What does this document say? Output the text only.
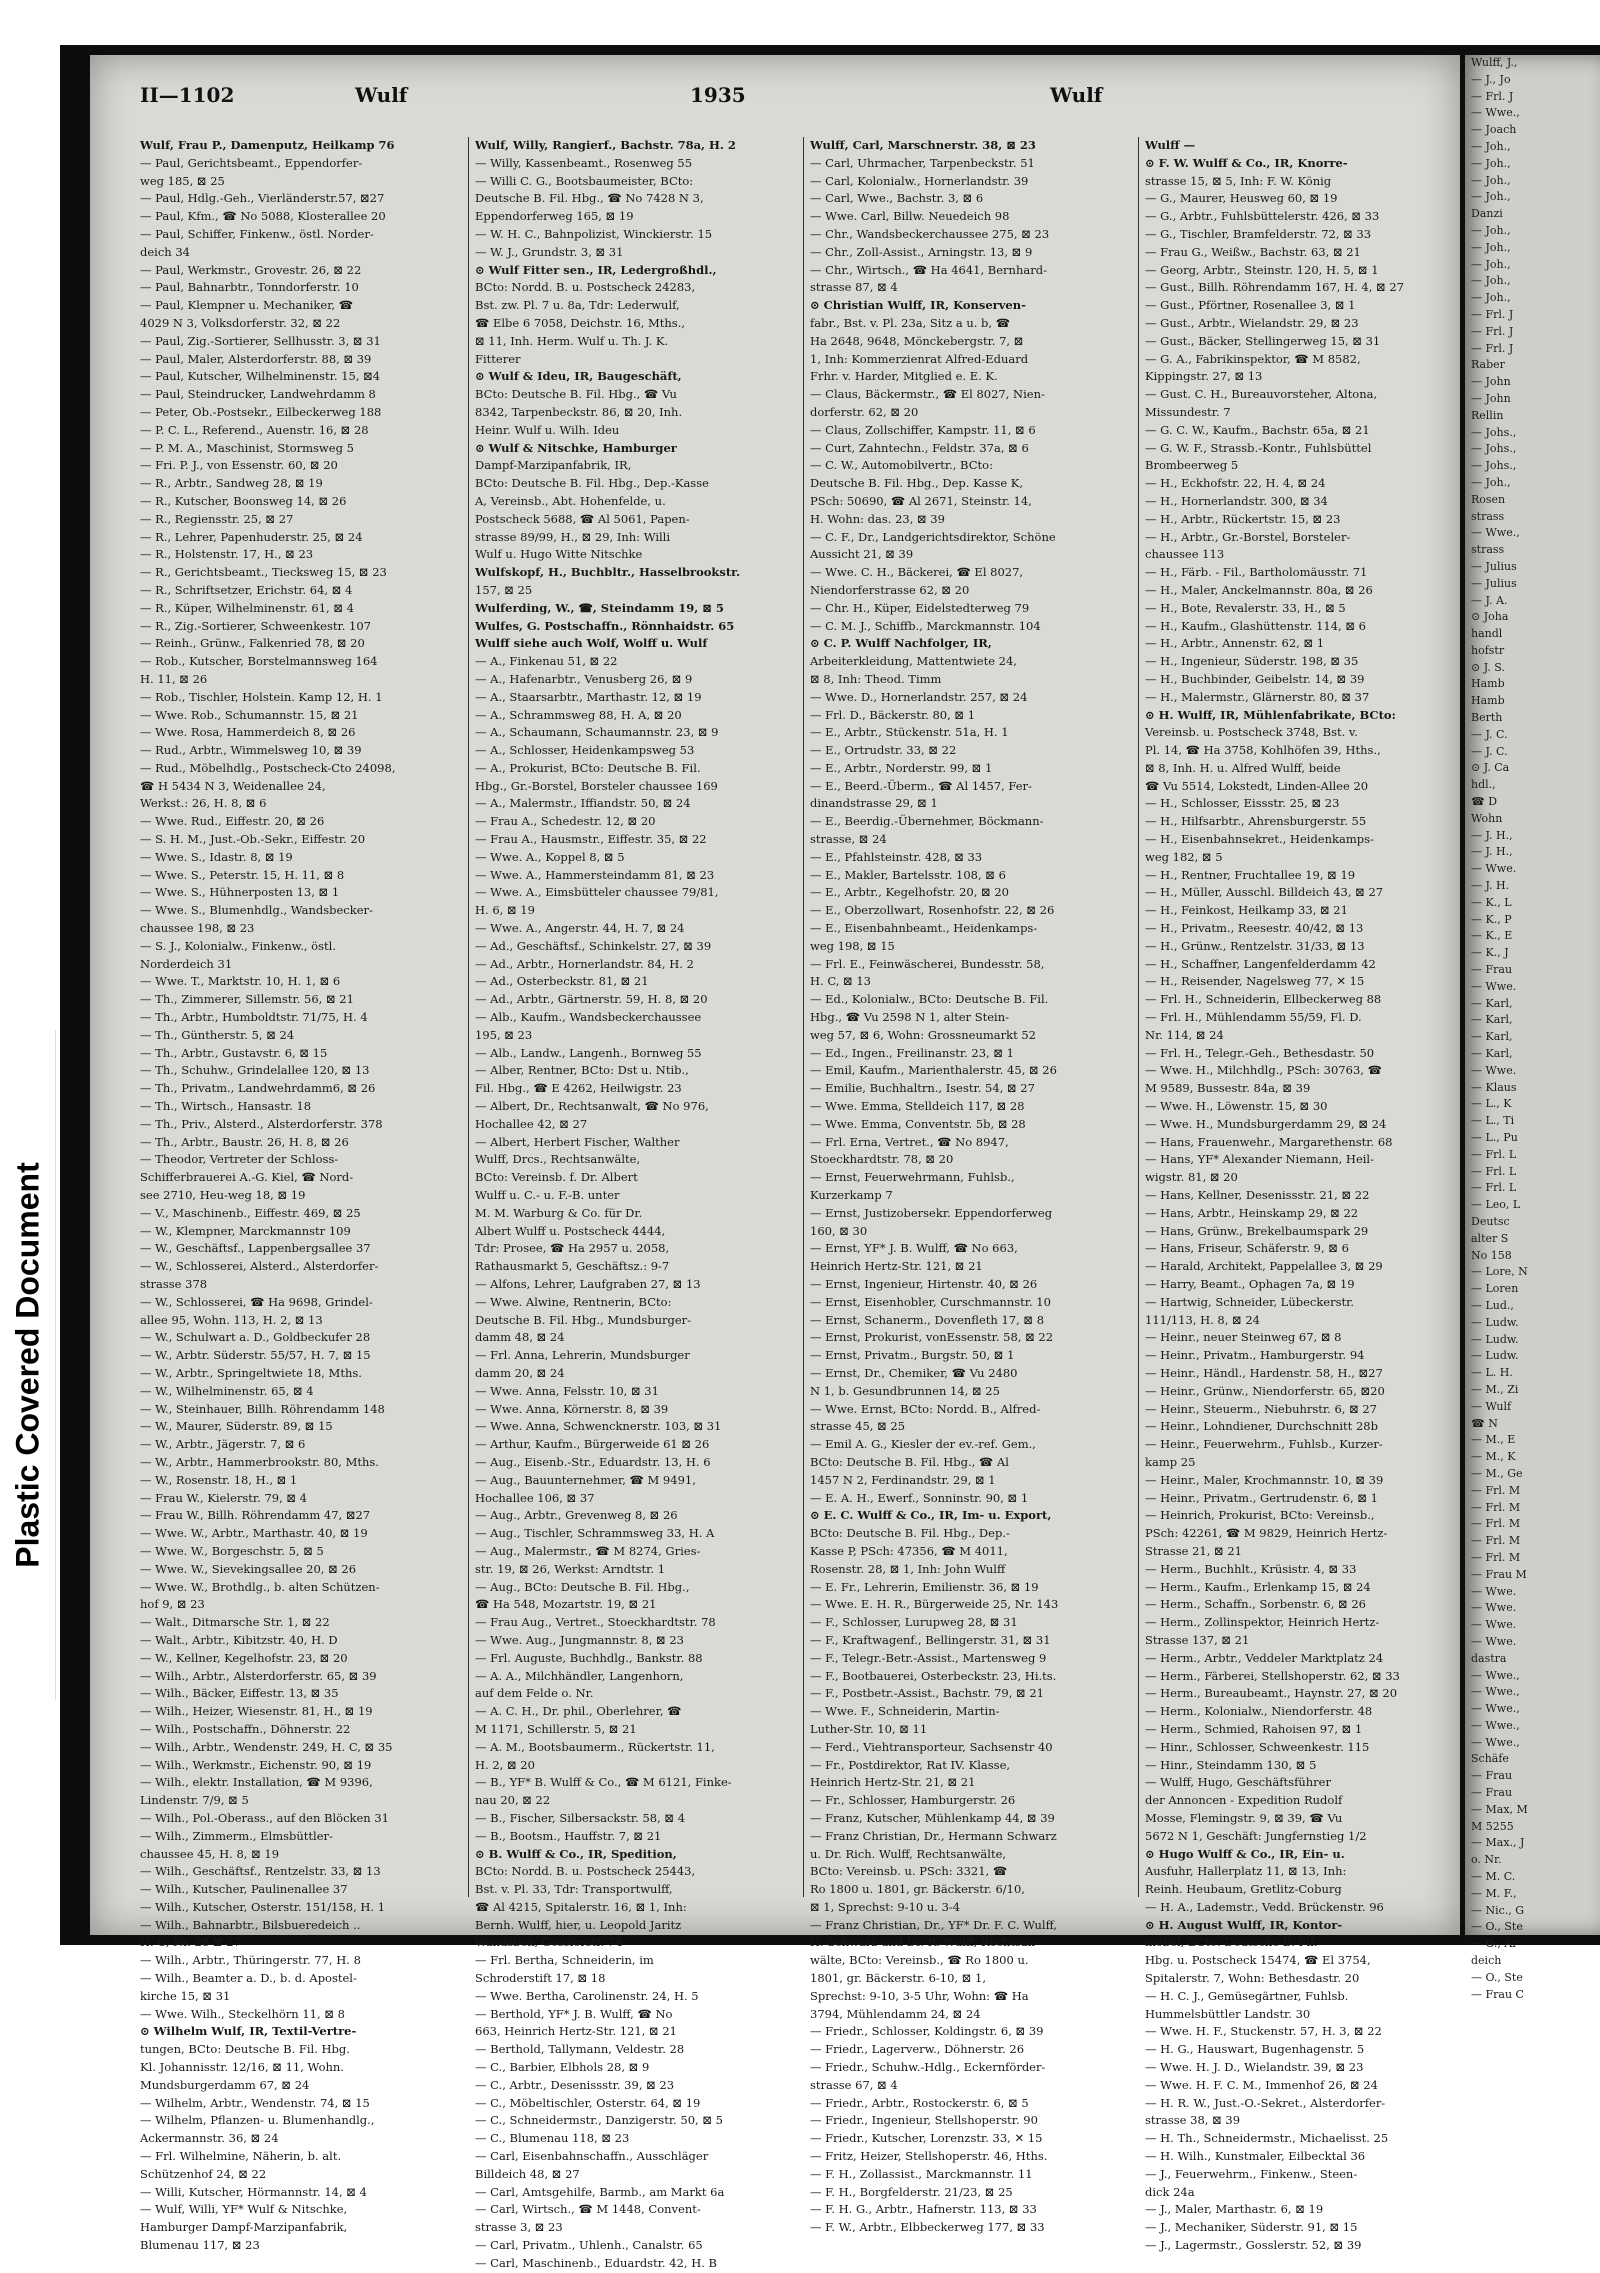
Plastic Covered Document
II—1102	Wulf	1935	Wulf
Wulf, Frau P., Damenputz, Heilkamp 76
— Paul, Gerichtsbeamt., Eppendorfer-
weg 185, ⊠ 25
— Paul, Hdlg.-Geh., Vierländerstr.57, ⊠27
— Paul, Kfm., ☎ No 5088, Klosterallee 20
— Paul, Schiffer, Finkenw., östl. Norder-
deich 34
— Paul, Werkmstr., Grovestr. 26, ⊠ 22
— Paul, Bahnarbtr., Tonndorferstr. 10
— Paul, Klempner u. Mechaniker, ☎
4029 N 3, Volksdorferstr. 32, ⊠ 22
— Paul, Zig.-Sortierer, Sellhusstr. 3, ⊠ 31
— Paul, Maler, Alsterdorferstr. 88, ⊠ 39
— Paul, Kutscher, Wilhelminenstr. 15, ⊠4
— Paul, Steindrucker, Landwehrdamm 8
— Peter, Ob.-Postsekr., Eilbeckerweg 188
— P. C. L., Referend., Auenstr. 16, ⊠ 28
— P. M. A., Maschinist, Stormsweg 5
— Fri. P. J., von Essenstr. 60, ⊠ 20
— R., Arbtr., Sandweg 28, ⊠ 19
— R., Kutscher, Boonsweg 14, ⊠ 26
— R., Regiensstr. 25, ⊠ 27
— R., Lehrer, Papenhuderstr. 25, ⊠ 24
— R., Holstenstr. 17, H., ⊠ 23
— R., Gerichtsbeamt., Tiecksweg 15, ⊠ 23
— R., Schriftsetzer, Erichstr. 64, ⊠ 4
— R., Küper, Wilhelminenstr. 61, ⊠ 4
— R., Zig.-Sortierer, Schweenkestr. 107
— Reinh., Grünw., Falkenried 78, ⊠ 20
— Rob., Kutscher, Borstelmannsweg 164
H. 11, ⊠ 26
— Rob., Tischler, Holstein. Kamp 12, H. 1
— Wwe. Rob., Schumannstr. 15, ⊠ 21
— Wwe. Rosa, Hammerdeich 8, ⊠ 26
— Rud., Arbtr., Wimmelsweg 10, ⊠ 39
— Rud., Möbelhdlg., Postscheck-Cto 24098,
☎ H 5434 N 3, Weidenallee 24,
Werkst.: 26, H. 8, ⊠ 6
— Wwe. Rud., Eiffestr. 20, ⊠ 26
— S. H. M., Just.-Ob.-Sekr., Eiffestr. 20
— Wwe. S., Idastr. 8, ⊠ 19
— Wwe. S., Peterstr. 15, H. 11, ⊠ 8
— Wwe. S., Hühnerposten 13, ⊠ 1
— Wwe. S., Blumenhdlg., Wandsbecker-
chaussee 198, ⊠ 23
— S. J., Kolonialw., Finkenw., östl.
Norderdeich 31
— Wwe. T., Marktstr. 10, H. 1, ⊠ 6
— Th., Zimmerer, Sillemstr. 56, ⊠ 21
— Th., Arbtr., Humboldtstr. 71/75, H. 4
— Th., Güntherstr. 5, ⊠ 24
— Th., Arbtr., Gustavstr. 6, ⊠ 15
— Th., Schuhw., Grindelallee 120, ⊠ 13
— Th., Privatm., Landwehrdamm6, ⊠ 26
— Th., Wirtsch., Hansastr. 18
— Th., Priv., Alsterd., Alsterdorferstr. 378
— Th., Arbtr., Baustr. 26, H. 8, ⊠ 26
— Theodor, Vertreter der Schloss-
Schifferbrauerei A.-G. Kiel, ☎ Nord-
see 2710, Heu-weg 18, ⊠ 19
— V., Maschinenb., Eiffestr. 469, ⊠ 25
— W., Klempner, Marckmannstr 109
— W., Geschäftsf., Lappenbergsallee 37
— W., Schlosserei, Alsterd., Alsterdorfer-
strasse 378
— W., Schlosserei, ☎ Ha 9698, Grindel-
allee 95, Wohn. 113, H. 2, ⊠ 13
— W., Schulwart a. D., Goldbeckufer 28
— W., Arbtr. Süderstr. 55/57, H. 7, ⊠ 15
— W., Arbtr., Springeltwiete 18, Mths.
— W., Wilhelminenstr. 65, ⊠ 4
— W., Steinhauer, Billh. Röhrendamm 148
— W., Maurer, Süderstr. 89, ⊠ 15
— W., Arbtr., Jägerstr. 7, ⊠ 6
— W., Arbtr., Hammerbrookstr. 80, Mths.
— W., Rosenstr. 18, H., ⊠ 1
— Frau W., Kielerstr. 79, ⊠ 4
— Frau W., Billh. Röhrendamm 47, ⊠27
— Wwe. W., Arbtr., Marthastr. 40, ⊠ 19
— Wwe. W., Borgeschstr. 5, ⊠ 5
— Wwe. W., Sievekingsallee 20, ⊠ 26
— Wwe. W., Brothdlg., b. alten Schützen-
hof 9, ⊠ 23
— Walt., Ditmarsche Str. 1, ⊠ 22
— Walt., Arbtr., Kibitzstr. 40, H. D
— W., Kellner, Kegelhofstr. 23, ⊠ 20
— Wilh., Arbtr., Alsterdorferstr. 65, ⊠ 39
— Wilh., Bäcker, Eiffestr. 13, ⊠ 35
— Wilh., Heizer, Wiesenstr. 81, H., ⊠ 19
— Wilh., Postschaffn., Döhnerstr. 22
— Wilh., Arbtr., Wendenstr. 249, H. C, ⊠ 35
— Wilh., Werkmstr., Eichenstr. 90, ⊠ 19
— Wilh., elektr. Installation, ☎ M 9396,
Lindenstr. 7/9, ⊠ 5
— Wilh., Pol.-Oberass., auf den Blöcken 31
— Wilh., Zimmerm., Elmsbüttler-
chaussee 45, H. 8, ⊠ 19
— Wilh., Geschäftsf., Rentzelstr. 33, ⊠ 13
— Wilh., Kutscher, Paulinenallee 37
— Wilh., Kutscher, Osterstr. 151/158, H. 1
— Wilh., Bahnarbtr., Bilsbueredeich ..
H. C, Nr. 28 ⊠ 27
— Wilh., Arbtr., Thüringerstr. 77, H. 8
— Wilh., Beamter a. D., b. d. Apostel-
kirche 15, ⊠ 31
— Wwe. Wilh., Steckelhörn 11, ⊠ 8
⊙ Wilhelm Wulf, IR, Textil-Vertre-
tungen, BCto: Deutsche B. Fil. Hbg.
Kl. Johannisstr. 12/16, ⊠ 11, Wohn.
Mundsburgerdamm 67, ⊠ 24
— Wilhelm, Arbtr., Wendenstr. 74, ⊠ 15
— Wilhelm, Pflanzen- u. Blumenhandlg.,
Ackermannstr. 36, ⊠ 24
— Frl. Wilhelmine, Näherin, b. alt.
Schützenhof 24, ⊠ 22
— Willi, Kutscher, Hörmannstr. 14, ⊠ 4
— Wulf, Willi, YF* Wulf & Nitschke,
Hamburger Dampf-Marzipanfabrik,
Blumenau 117, ⊠ 23
Wulf, Willy, Rangierf., Bachstr. 78a, H. 2
— Willy, Kassenbeamt., Rosenweg 55
— Willi C. G., Bootsbaumeister, BCto:
Deutsche B. Fil. Hbg., ☎ No 7428 N 3,
Eppendorferweg 165, ⊠ 19
— W. H. C., Bahnpolizist, Winckierstr. 15
— W. J., Grundstr. 3, ⊠ 31
⊙ Wulf Fitter sen., IR, Ledergroßhdl.,
BCto: Nordd. B. u. Postscheck 24283,
Bst. zw. Pl. 7 u. 8a, Tdr: Lederwulf,
☎ Elbe 6 7058, Deichstr. 16, Mths.,
⊠ 11, Inh. Herm. Wulf u. Th. J. K.
Fitterer
⊙ Wulf & Ideu, IR, Baugeschäft,
BCto: Deutsche B. Fil. Hbg., ☎ Vu
8342, Tarpenbeckstr. 86, ⊠ 20, Inh.
Heinr. Wulf u. Wilh. Ideu
⊙ Wulf & Nitschke, Hamburger
Dampf-Marzipanfabrik, IR,
BCto: Deutsche B. Fil. Hbg., Dep.-Kasse
A, Vereinsb., Abt. Hohenfelde, u.
Postscheck 5688, ☎ Al 5061, Papen-
strasse 89/99, H., ⊠ 29, Inh: Willi
Wulf u. Hugo Witte Nitschke
Wulfskopf, H., Buchbltr., Hasselbrookstr.
157, ⊠ 25
Wulferding, W., ☎, Steindamm 19, ⊠ 5
Wulfes, G. Postschaffn., Rönnhaidstr. 65
Wulff siehe auch Wolf, Wolff u. Wulf
— A., Finkenau 51, ⊠ 22
— A., Hafenarbtr., Venusberg 26, ⊠ 9
— A., Staarsarbtr., Marthastr. 12, ⊠ 19
— A., Schrammsweg 88, H. A, ⊠ 20
— A., Schaumann, Schaumannstr. 23, ⊠ 9
— A., Schlosser, Heidenkampsweg 53
— A., Prokurist, BCto: Deutsche B. Fil.
Hbg., Gr.-Borstel, Borsteler chaussee 169
— A., Malermstr., Iffiandstr. 50, ⊠ 24
— Frau A., Schedestr. 12, ⊠ 20
— Frau A., Hausmstr., Eiffestr. 35, ⊠ 22
— Wwe. A., Koppel 8, ⊠ 5
— Wwe. A., Hammersteindamm 81, ⊠ 23
— Wwe. A., Eimsbütteler chaussee 79/81,
H. 6, ⊠ 19
— Wwe. A., Angerstr. 44, H. 7, ⊠ 24
— Ad., Geschäftsf., Schinkelstr. 27, ⊠ 39
— Ad., Arbtr., Hornerlandstr. 84, H. 2
— Ad., Osterbeckstr. 81, ⊠ 21
— Ad., Arbtr., Gärtnerstr. 59, H. 8, ⊠ 20
— Alb., Kaufm., Wandsbeckerchaussee
195, ⊠ 23
— Alb., Landw., Langenh., Bornweg 55
— Alber, Rentner, BCto: Dst u. Ntib.,
Fil. Hbg., ☎ E 4262, Heilwigstr. 23
— Albert, Dr., Rechtsanwalt, ☎ No 976,
Hochallee 42, ⊠ 27
— Albert, Herbert Fischer, Walther
Wulff, Drcs., Rechtsanwälte,
BCto: Vereinsb. f. Dr. Albert
Wulff u. C.- u. F.-B. unter
M. M. Warburg & Co. für Dr.
Albert Wulff u. Postscheck 4444,
Tdr: Prosee, ☎ Ha 2957 u. 2058,
Rathausmarkt 5, Geschäftsz.: 9-7
— Alfons, Lehrer, Laufgraben 27, ⊠ 13
— Wwe. Alwine, Rentnerin, BCto:
Deutsche B. Fil. Hbg., Mundsburger-
damm 48, ⊠ 24
— Frl. Anna, Lehrerin, Mundsburger
damm 20, ⊠ 24
— Wwe. Anna, Felsstr. 10, ⊠ 31
— Wwe. Anna, Körnerstr. 8, ⊠ 39
— Wwe. Anna, Schwencknerstr. 103, ⊠ 31
— Arthur, Kaufm., Bürgerweide 61 ⊠ 26
— Aug., Eisenb.-Str., Eduardstr. 13, H. 6
— Aug., Bauunternehmer, ☎ M 9491,
Hochallee 106, ⊠ 37
— Aug., Arbtr., Grevenweg 8, ⊠ 26
— Aug., Tischler, Schrammsweg 33, H. A
— Aug., Malermstr., ☎ M 8274, Gries-
str. 19, ⊠ 26, Werkst: Arndtstr. 1
— Aug., BCto: Deutsche B. Fil. Hbg.,
☎ Ha 548, Mozartstr. 19, ⊠ 21
— Frau Aug., Vertret., Stoeckhardtstr. 78
— Wwe. Aug., Jungmannstr. 8, ⊠ 23
— Frl. Auguste, Buchhdlg., Bankstr. 88
— A. A., Milchhändler, Langenhorn,
auf dem Felde o. Nr.
— A. C. H., Dr. phil., Oberlehrer, ☎
M 1171, Schillerstr. 5, ⊠ 21
— A. M., Bootsbaumerm., Rückertstr. 11,
H. 2, ⊠ 20
— B., YF* B. Wulff & Co., ☎ M 6121, Finke-
nau 20, ⊠ 22
— B., Fischer, Silbersackstr. 58, ⊠ 4
— B., Bootsm., Hauffstr. 7, ⊠ 21
⊙ B. Wulff & Co., IR, Spedition,
BCto: Nordd. B. u. Postscheck 25443,
Bst. v. Pl. 33, Tdr: Transportwulff,
☎ Al 4215, Spitalerstr. 16, ⊠ 1, Inh:
Bernh. Wulff, hier, u. Leopold Jaritz
Wandsbek, Gosslerstr. 74
— Frl. Bertha, Schneiderin, im
Schroderstift 17, ⊠ 18
— Wwe. Bertha, Carolinenstr. 24, H. 5
— Berthold, YF* J. B. Wulff, ☎ No
663, Heinrich Hertz-Str. 121, ⊠ 21
— Berthold, Tallymann, Veldestr. 28
— C., Barbier, Elbhols 28, ⊠ 9
— C., Arbtr., Desenissstr. 39, ⊠ 23
— C., Möbeltischler, Osterstr. 64, ⊠ 19
— C., Schneidermstr., Danzigerstr. 50, ⊠ 5
— C., Blumenau 118, ⊠ 23
— Carl, Eisenbahnschaffn., Ausschläger
Billdeich 48, ⊠ 27
— Carl, Amtsgehilfe, Barmb., am Markt 6a
— Carl, Wirtsch., ☎ M 1448, Convent-
strasse 3, ⊠ 23
— Carl, Privatm., Uhlenh., Canalstr. 65
— Carl, Maschinenb., Eduardstr. 42, H. B
Wulff, Carl, Marschnerstr. 38, ⊠ 23
— Carl, Uhrmacher, Tarpenbeckstr. 51
— Carl, Kolonialw., Hornerlandstr. 39
— Carl, Wwe., Bachstr. 3, ⊠ 6
— Wwe. Carl, Billw. Neuedeich 98
— Chr., Wandsbeckerchaussee 275, ⊠ 23
— Chr., Zoll-Assist., Arningstr. 13, ⊠ 9
— Chr., Wirtsch., ☎ Ha 4641, Bernhard-
strasse 87, ⊠ 4
⊙ Christian Wulff, IR, Konserven-
fabr., Bst. v. Pl. 23a, Sitz a u. b, ☎
Ha 2648, 9648, Mönckebergstr. 7, ⊠
1, Inh: Kommerzienrat Alfred-Eduard
Frhr. v. Harder, Mitglied e. E. K.
— Claus, Bäckermstr., ☎ El 8027, Nien-
dorferstr. 62, ⊠ 20
— Claus, Zollschiffer, Kampstr. 11, ⊠ 6
— Curt, Zahntechn., Feldstr. 37a, ⊠ 6
— C. W., Automobilvertr., BCto:
Deutsche B. Fil. Hbg., Dep. Kasse K,
PSch: 50690, ☎ Al 2671, Steinstr. 14,
H. Wohn: das. 23, ⊠ 39
— C. F., Dr., Landgerichtsdirektor, Schöne
Aussicht 21, ⊠ 39
— Wwe. C. H., Bäckerei, ☎ El 8027,
Niendorferstrasse 62, ⊠ 20
— Chr. H., Küper, Eidelstedterweg 79
— C. M. J., Schiffb., Marckmannstr. 104
⊙ C. P. Wulff Nachfolger, IR,
Arbeiterkleidung, Mattentwiete 24,
⊠ 8, Inh: Theod. Timm
— Wwe. D., Hornerlandstr. 257, ⊠ 24
— Frl. D., Bäckerstr. 80, ⊠ 1
— E., Arbtr., Stückenstr. 51a, H. 1
— E., Ortrudstr. 33, ⊠ 22
— E., Arbtr., Norderstr. 99, ⊠ 1
— E., Beerd.-Überm., ☎ Al 1457, Fer-
dinandstrasse 29, ⊠ 1
— E., Beerdig.-Übernehmer, Böckmann-
strasse, ⊠ 24
— E., Pfahlsteinstr. 428, ⊠ 33
— E., Makler, Bartelsstr. 108, ⊠ 6
— E., Arbtr., Kegelhofstr. 20, ⊠ 20
— E., Oberzollwart, Rosenhofstr. 22, ⊠ 26
— E., Eisenbahnbeamt., Heidenkamps-
weg 198, ⊠ 15
— Frl. E., Feinwäscherei, Bundesstr. 58,
H. C, ⊠ 13
— Ed., Kolonialw., BCto: Deutsche B. Fil.
Hbg., ☎ Vu 2598 N 1, alter Stein-
weg 57, ⊠ 6, Wohn: Grossneumarkt 52
— Ed., Ingen., Freilinanstr. 23, ⊠ 1
— Emil, Kaufm., Marienthalerstr. 45, ⊠ 26
— Emilie, Buchhaltrn., Isestr. 54, ⊠ 27
— Wwe. Emma, Stelldeich 117, ⊠ 28
— Wwe. Emma, Conventstr. 5b, ⊠ 28
— Frl. Erna, Vertret., ☎ No 8947,
Stoeckhardtstr. 78, ⊠ 20
— Ernst, Feuerwehrmann, Fuhlsb.,
Kurzerkamp 7
— Ernst, Justizobersekr. Eppendorferweg
160, ⊠ 30
— Ernst, YF* J. B. Wulff, ☎ No 663,
Heinrich Hertz-Str. 121, ⊠ 21
— Ernst, Ingenieur, Hirtenstr. 40, ⊠ 26
— Ernst, Eisenhobler, Curschmannstr. 10
— Ernst, Schanerm., Dovenfleth 17, ⊠ 8
— Ernst, Prokurist, vonEssenstr. 58, ⊠ 22
— Ernst, Privatm., Burgstr. 50, ⊠ 1
— Ernst, Dr., Chemiker, ☎ Vu 2480
N 1, b. Gesundbrunnen 14, ⊠ 25
— Wwe. Ernst, BCto: Nordd. B., Alfred-
strasse 45, ⊠ 25
— Emil A. G., Kiesler der ev.-ref. Gem.,
BCto: Deutsche B. Fil. Hbg., ☎ Al
1457 N 2, Ferdinandstr. 29, ⊠ 1
— E. A. H., Ewerf., Sonninstr. 90, ⊠ 1
⊙ E. C. Wulff & Co., IR, Im- u. Export,
BCto: Deutsche B. Fil. Hbg., Dep.-
Kasse P, PSch: 47356, ☎ M 4011,
Rosenstr. 28, ⊠ 1, Inh: John Wulff
— E. Fr., Lehrerin, Emilienstr. 36, ⊠ 19
— Wwe. E. H. R., Bürgerweide 25, Nr. 143
— F., Schlosser, Lurupweg 28, ⊠ 31
— F., Kraftwagenf., Bellingerstr. 31, ⊠ 31
— F., Telegr.-Betr.-Assist., Martensweg 9
— F., Bootbauerei, Osterbeckstr. 23, Hi.ts.
— F., Postbetr.-Assist., Bachstr. 79, ⊠ 21
— Wwe. F., Schneiderin, Martin-
Luther-Str. 10, ⊠ 11
— Ferd., Viehtransporteur, Sachsenstr 40
— Fr., Postdirektor, Rat IV. Klasse,
Heinrich Hertz-Str. 21, ⊠ 21
— Fr., Schlosser, Hamburgerstr. 26
— Franz, Kutscher, Mühlenkamp 44, ⊠ 39
— Franz Christian, Dr., Hermann Schwarz
u. Dr. Rich. Wulff, Rechtsanwälte,
BCto: Vereinsb. u. PSch: 3321, ☎
Ro 1800 u. 1801, gr. Bäckerstr. 6/10,
⊠ 1, Sprechst: 9-10 u. 3-4
— Franz Christian, Dr., YF* Dr. F. C. Wulff,
H. Schwarz und Dr. R. Wulff, Rechtsan-
wälte, BCto: Vereinsb., ☎ Ro 1800 u.
1801, gr. Bäckerstr. 6-10, ⊠ 1,
Sprechst: 9-10, 3-5 Uhr, Wohn: ☎ Ha
3794, Mühlendamm 24, ⊠ 24
— Friedr., Schlosser, Koldingstr. 6, ⊠ 39
— Friedr., Lagerverw., Döhnerstr. 26
— Friedr., Schuhw.-Hdlg., Eckernförder-
strasse 67, ⊠ 4
— Friedr., Arbtr., Rostockerstr. 6, ⊠ 5
— Friedr., Ingenieur, Stellshoperstr. 90
— Friedr., Kutscher, Lorenzstr. 33, ✕ 15
— Fritz, Heizer, Stellshoperstr. 46, Hths.
— F. H., Zollassist., Marckmannstr. 11
— F. H., Borgfelderstr. 21/23, ⊠ 25
— F. H. G., Arbtr., Hafnerstr. 113, ⊠ 33
— F. W., Arbtr., Elbbeckerweg 177, ⊠ 33
Wulff —
⊙ F. W. Wulff & Co., IR, Knorre-
strasse 15, ⊠ 5, Inh: F. W. König
— G., Maurer, Heusweg 60, ⊠ 19
— G., Arbtr., Fuhlsbüttelerstr. 426, ⊠ 33
— G., Tischler, Bramfelderstr. 72, ⊠ 33
— Frau G., Weißw., Bachstr. 63, ⊠ 21
— Georg, Arbtr., Steinstr. 120, H. 5, ⊠ 1
— Gust., Billh. Röhrendamm 167, H. 4, ⊠ 27
— Gust., Pförtner, Rosenallee 3, ⊠ 1
— Gust., Arbtr., Wielandstr. 29, ⊠ 23
— Gust., Bäcker, Stellingerweg 15, ⊠ 31
— G. A., Fabrikinspektor, ☎ M 8582,
Kippingstr. 27, ⊠ 13
— Gust. C. H., Bureauvorsteher, Altona,
Missundestr. 7
— G. C. W., Kaufm., Bachstr. 65a, ⊠ 21
— G. W. F., Strassb.-Kontr., Fuhlsbüttel
Brombeerweg 5
— H., Eckhofstr. 22, H. 4, ⊠ 24
— H., Hornerlandstr. 300, ⊠ 34
— H., Arbtr., Rückertstr. 15, ⊠ 23
— H., Arbtr., Gr.-Borstel, Borsteler-
chaussee 113
— H., Färb. - Fil., Bartholomäusstr. 71
— H., Maler, Anckelmannstr. 80a, ⊠ 26
— H., Bote, Revalerstr. 33, H., ⊠ 5
— H., Kaufm., Glashüttenstr. 114, ⊠ 6
— H., Arbtr., Annenstr. 62, ⊠ 1
— H., Ingenieur, Süderstr. 198, ⊠ 35
— H., Buchbinder, Geibelstr. 14, ⊠ 39
— H., Malermstr., Glärnerstr. 80, ⊠ 37
⊙ H. Wulff, IR, Mühlenfabrikate, BCto:
Vereinsb. u. Postscheck 3748, Bst. v.
Pl. 14, ☎ Ha 3758, Kohlhöfen 39, Hths.,
⊠ 8, Inh. H. u. Alfred Wulff, beide
☎ Vu 5514, Lokstedt, Linden-Allee 20
— H., Schlosser, Eissstr. 25, ⊠ 23
— H., Hilfsarbtr., Ahrensburgerstr. 55
— H., Eisenbahnsekret., Heidenkamps-
weg 182, ⊠ 5
— H., Rentner, Fruchtallee 19, ⊠ 19
— H., Müller, Ausschl. Billdeich 43, ⊠ 27
— H., Feinkost, Heilkamp 33, ⊠ 21
— H., Privatm., Reesestr. 40/42, ⊠ 13
— H., Grünw., Rentzelstr. 31/33, ⊠ 13
— H., Schaffner, Langenfelderdamm 42
— H., Reisender, Nagelsweg 77, ✕ 15
— Frl. H., Schneiderin, Ellbeckerweg 88
— Frl. H., Mühlendamm 55/59, Fl. D.
Nr. 114, ⊠ 24
— Frl. H., Telegr.-Geh., Bethesdastr. 50
— Wwe. H., Milchhdlg., PSch: 30763, ☎
M 9589, Bussestr. 84a, ⊠ 39
— Wwe. H., Löwenstr. 15, ⊠ 30
— Wwe. H., Mundsburgerdamm 29, ⊠ 24
— Hans, Frauenwehr., Margarethenstr. 68
— Hans, YF* Alexander Niemann, Heil-
wigstr. 81, ⊠ 20
— Hans, Kellner, Desenissstr. 21, ⊠ 22
— Hans, Arbtr., Heinskamp 29, ⊠ 22
— Hans, Grünw., Brekelbaumspark 29
— Hans, Friseur, Schäferstr. 9, ⊠ 6
— Harald, Architekt, Pappelallee 3, ⊠ 29
— Harry, Beamt., Ophagen 7a, ⊠ 19
— Hartwig, Schneider, Lübeckerstr.
111/113, H. 8, ⊠ 24
— Heinr., neuer Steinweg 67, ⊠ 8
— Heinr., Privatm., Hamburgerstr. 94
— Heinr., Händl., Hardenstr. 58, H., ⊠27
— Heinr., Grünw., Niendorferstr. 65, ⊠20
— Heinr., Steuerm., Niebuhrstr. 6, ⊠ 27
— Heinr., Lohndiener, Durchschnitt 28b
— Heinr., Feuerwehrm., Fuhlsb., Kurzer-
kamp 25
— Heinr., Maler, Krochmannstr. 10, ⊠ 39
— Heinr., Privatm., Gertrudenstr. 6, ⊠ 1
— Heinrich, Prokurist, BCto: Vereinsb.,
PSch: 42261, ☎ M 9829, Heinrich Hertz-
Strasse 21, ⊠ 21
— Herm., Buchhlt., Krüsistr. 4, ⊠ 33
— Herm., Kaufm., Erlenkamp 15, ⊠ 24
— Herm., Schaffn., Sorbenstr. 6, ⊠ 26
— Herm., Zollinspektor, Heinrich Hertz-
Strasse 137, ⊠ 21
— Herm., Arbtr., Veddeler Marktplatz 24
— Herm., Färberei, Stellshoperstr. 62, ⊠ 33
— Herm., Bureaubeamt., Haynstr. 27, ⊠ 20
— Herm., Kolonialw., Niendorferstr. 48
— Herm., Schmied, Rahoisen 97, ⊠ 1
— Hinr., Schlosser, Schweenkestr. 115
— Hinr., Steindamm 130, ⊠ 5
— Wulff, Hugo, Geschäftsführer
der Annoncen - Expedition Rudolf
Mosse, Flemingstr. 9, ⊠ 39, ☎ Vu
5672 N 1, Geschäft: Jungfernstieg 1/2
⊙ Hugo Wulff & Co., IR, Ein- u.
Ausfuhr, Hallerplatz 11, ⊠ 13, Inh:
Reinh. Heubaum, Gretlitz-Coburg
— H. A., Lademstr., Vedd. Brückenstr. 96
⊙ H. August Wulff, IR, Kontor-
möbel, BCto: Deutsche B. Fil.
Hbg. u. Postscheck 15474, ☎ El 3754,
Spitalerstr. 7, Wohn: Bethesdastr. 20
— H. C. J., Gemüsegärtner, Fuhlsb.
Hummelsbüttler Landstr. 30
— Wwe. H. F., Stuckenstr. 57, H. 3, ⊠ 22
— H. G., Hauswart, Bugenhagenstr. 5
— Wwe. H. J. D., Wielandstr. 39, ⊠ 23
— Wwe. H. F. C. M., Immenhof 26, ⊠ 24
— H. R. W., Just.-O.-Sekret., Alsterdorfer-
strasse 38, ⊠ 39
— H. Th., Schneidermstr., Michaelisst. 25
— H. Wilh., Kunstmaler, Eilbecktal 36
— J., Feuerwehrm., Finkenw., Steen-
dick 24a
— J., Maler, Marthastr. 6, ⊠ 19
— J., Mechaniker, Süderstr. 91, ⊠ 15
— J., Lagermstr., Gosslerstr. 52, ⊠ 39
Wulff, J.,
— J., Jo
— Frl. J
— Wwe.,
— Joach
— Joh.,
— Joh.,
— Joh.,
— Joh.,
Danzi
— Joh.,
— Joh.,
— Joh.,
— Joh.,
— Joh.,
— Frl. J
— Frl. J
— Frl. J
Raber
— John
— John
Rellin
— Johs.,
— Johs.,
— Johs.,
— Joh.,
Rosen
strass
— Wwe.,
strass
— Julius
— Julius
— J. A.
⊙ Joha
handl
hofstr
⊙ J. S.
Hamb
Hamb
Berth
— J. C.
— J. C.
⊙ J. Ca
hdl.,
☎ D
Wohn
— J. H.,
— J. H.,
— Wwe.
— J. H.
— K., L
— K., P
— K., E
— K., J
— Frau
— Wwe.
— Karl,
— Karl,
— Karl,
— Karl,
— Wwe.
— Klaus
— L., K
— L., Ti
— L., Pu
— Frl. L
— Frl. L
— Frl. L
— Leo, L
Deutsc
alter S
No 158
— Lore, N
— Loren
— Lud.,
— Ludw.
— Ludw.
— Ludw.
— L. H.
— M., Zi
— Wulf
☎ N
— M., E
— M., K
— M., Ge
— Frl. M
— Frl. M
— Frl. M
— Frl. M
— Frl. M
— Frau M
— Wwe.
— Wwe.
— Wwe.
— Wwe.
dastra
— Wwe.,
— Wwe.,
— Wwe.,
— Wwe.,
— Wwe.,
Schäfe
— Frau
— Frau
— Max, M
M 5255
— Max., J
o. Nr.
— M. C.
— M. F.,
— Nic., G
— O., Ste
— O., Ar
deich
— O., Ste
— Frau C
